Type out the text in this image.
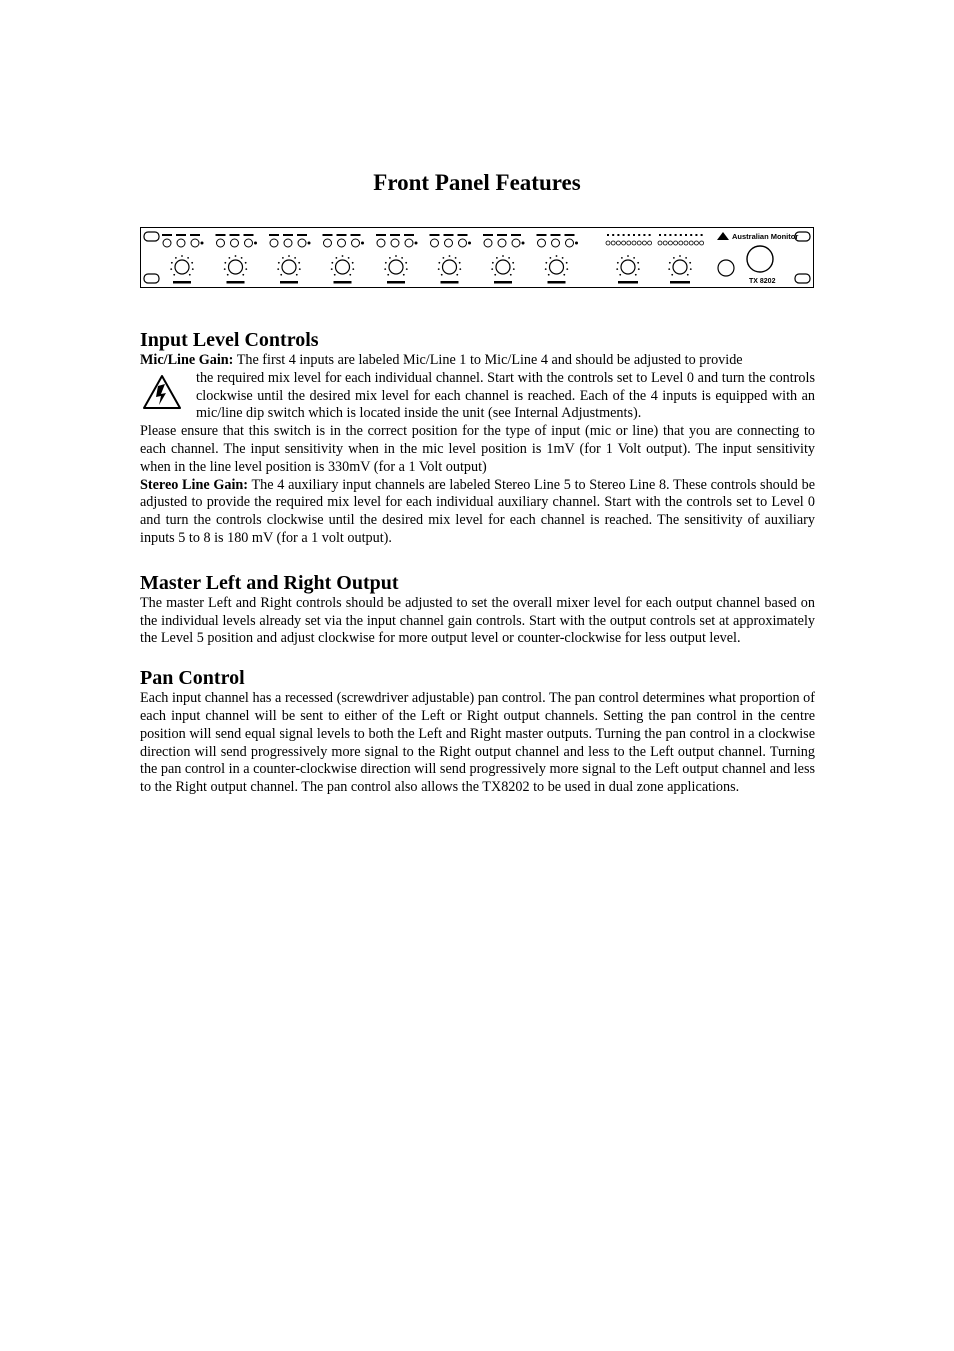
Front Panel Features
Australian Monitor
TX 8202
Input Level Controls

Mic/Line Gain: The first 4 inputs are labeled Mic/Line 1 to Mic/Line 4 and should be adjusted to provide

the required mix level for each individual channel. Start with the controls set to Level 0 and turn the controls clockwise until the desired mix level for each channel is reached. Each of the 4 inputs is equipped with an mic/line dip switch which is located inside the unit (see Internal Adjustments).

Please ensure that this switch is in the correct position for the type of input (mic or line) that you are connecting to each channel. The input sensitivity when in the mic level position is 1mV (for 1 Volt output). The input sensitivity when in the line level position is 330mV (for a 1 Volt output)

Stereo Line Gain: The 4 auxiliary input channels are labeled Stereo Line 5 to Stereo Line 8. These controls should be adjusted to provide the required mix level for each individual auxiliary channel. Start with the controls set to Level 0 and turn the controls clockwise until the desired mix level for each channel is reached. The sensitivity of auxiliary inputs 5 to 8 is 180 mV (for a 1 volt output).

Master Left and Right Output

The master Left and Right controls should be adjusted to set the overall mixer level for each output channel based on the individual levels already set via the input channel gain controls. Start with the output controls set at approximately the Level 5 position and adjust clockwise for more output level or counter-clockwise for less output level.

Pan Control

Each input channel has a recessed (screwdriver adjustable) pan control. The pan control determines what proportion of each input channel will be sent to either of the Left or Right output channels. Setting the pan control in the centre position will send equal signal levels to both the Left and Right master outputs. Turning the pan control in a clockwise direction will send progressively more signal to the Right output channel and less to the Left output channel. Turning the pan control in a counter-clockwise direction will send progressively more signal to the Left output channel and less to the Right output channel. The pan control also allows the TX8202 to be used in dual zone applications.
